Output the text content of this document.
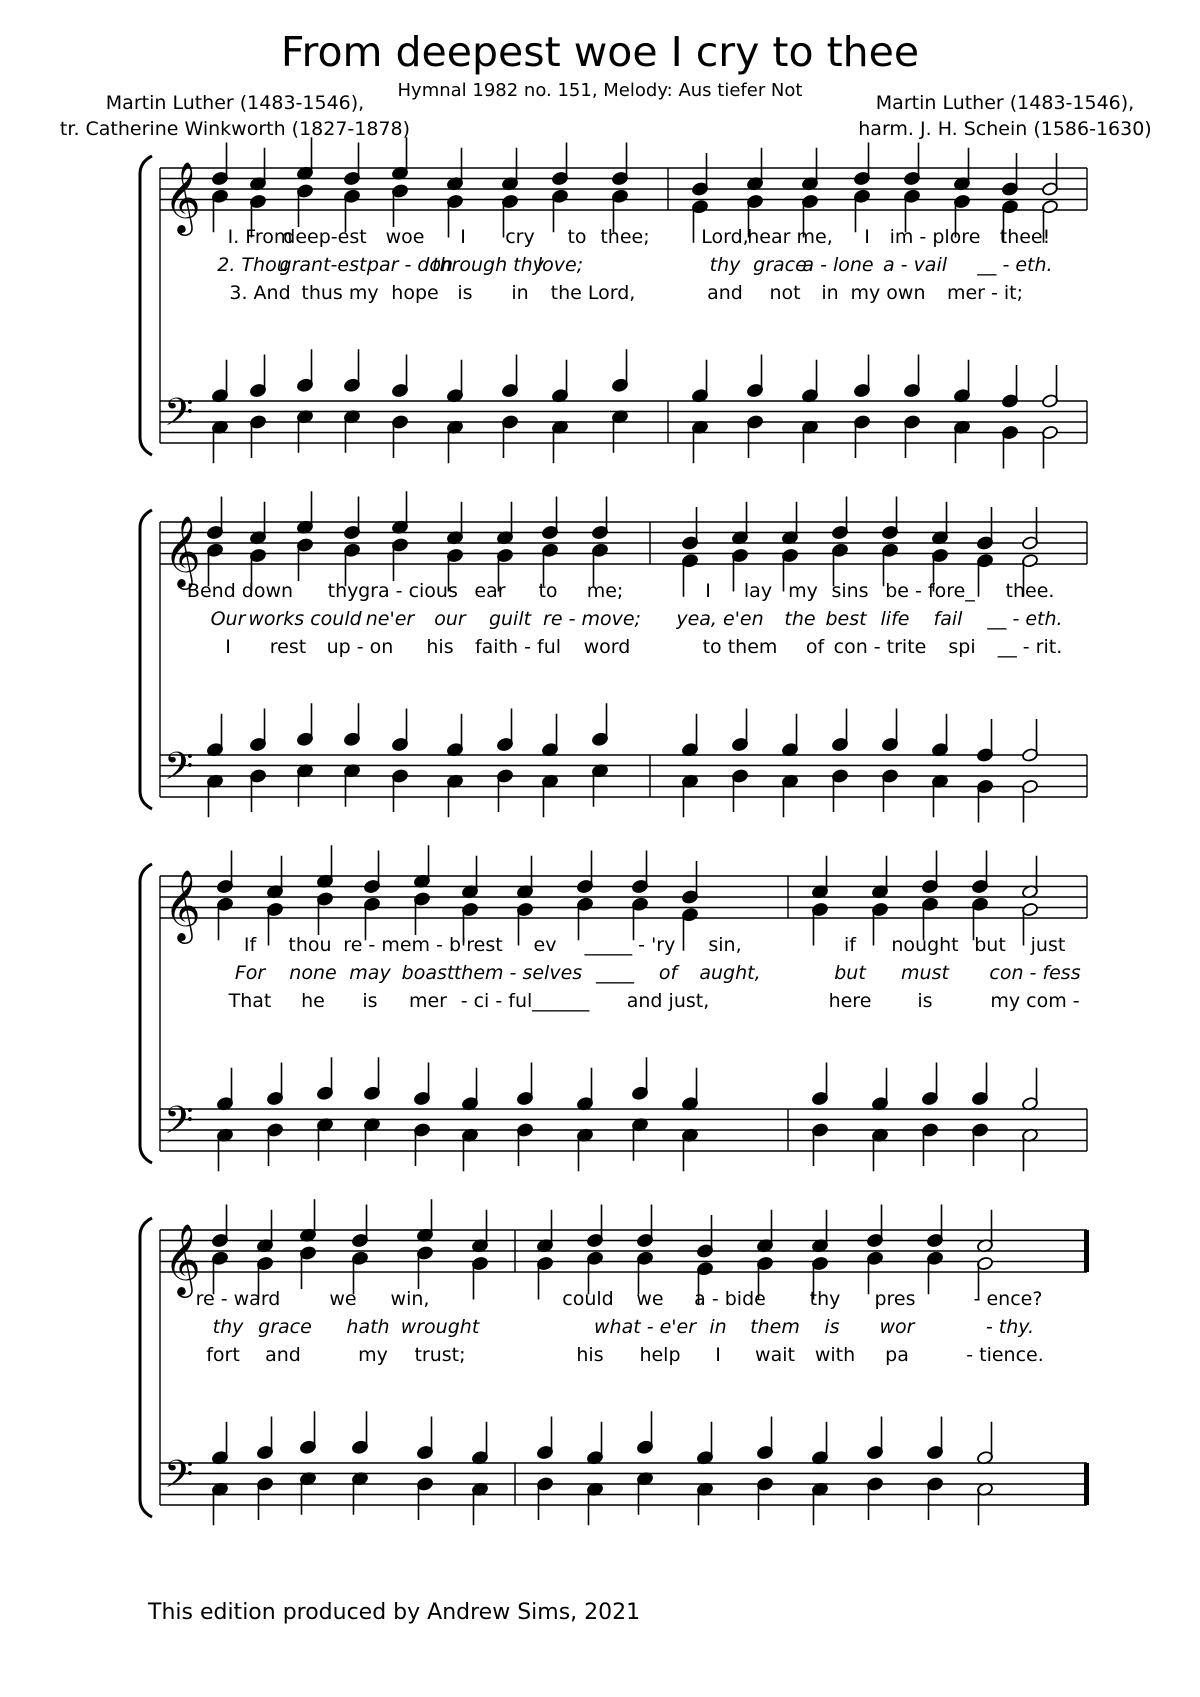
From deepest woe I cry to thee
Hymnal 1982 no. 151, Melody: Aus tiefer Not
Martin Luther (1483-1546),
tr. Catherine Winkworth (1827-1878)
Martin Luther (1483-1546),
harm. J. H. Schein (1586-1630)
𝄞
𝄢
I. From
deep-est woe I cry to thee;	Lord,
hear me, I im - plore thee!
2. Thou
grant-est par - don
through thy
love;	thy grace
a - lone a - vail __ - eth.
3. And thus my hope is in the Lord,	and not in my own mer - it;
𝄞
𝄢
Bend down thy gra - cious ear to me;	I lay my sins be - fore_ thee.
Our works could ne'er our guilt re - move; yea, e'en the best life fail __ - eth.
I rest up - on his faith - ful word	to them of con - trite spi __ - rit.
𝄞
𝄢
If thou re - mem - b'rest ev _____ - 'ry sin,	if nought but just
For none may boast them - selves ____ of aught,	but must con - fess
That he is mer - ci - ful______ and just,	here is	my com -
𝄞
𝄢
re - ward	we win,	could we a - bide thy pres	- ence?
thy grace hath wrought	what - e'er in them is wor	- thy.
fort and	my trust;	his help I wait with pa	- tience.
This edition produced by Andrew Sims, 2021
